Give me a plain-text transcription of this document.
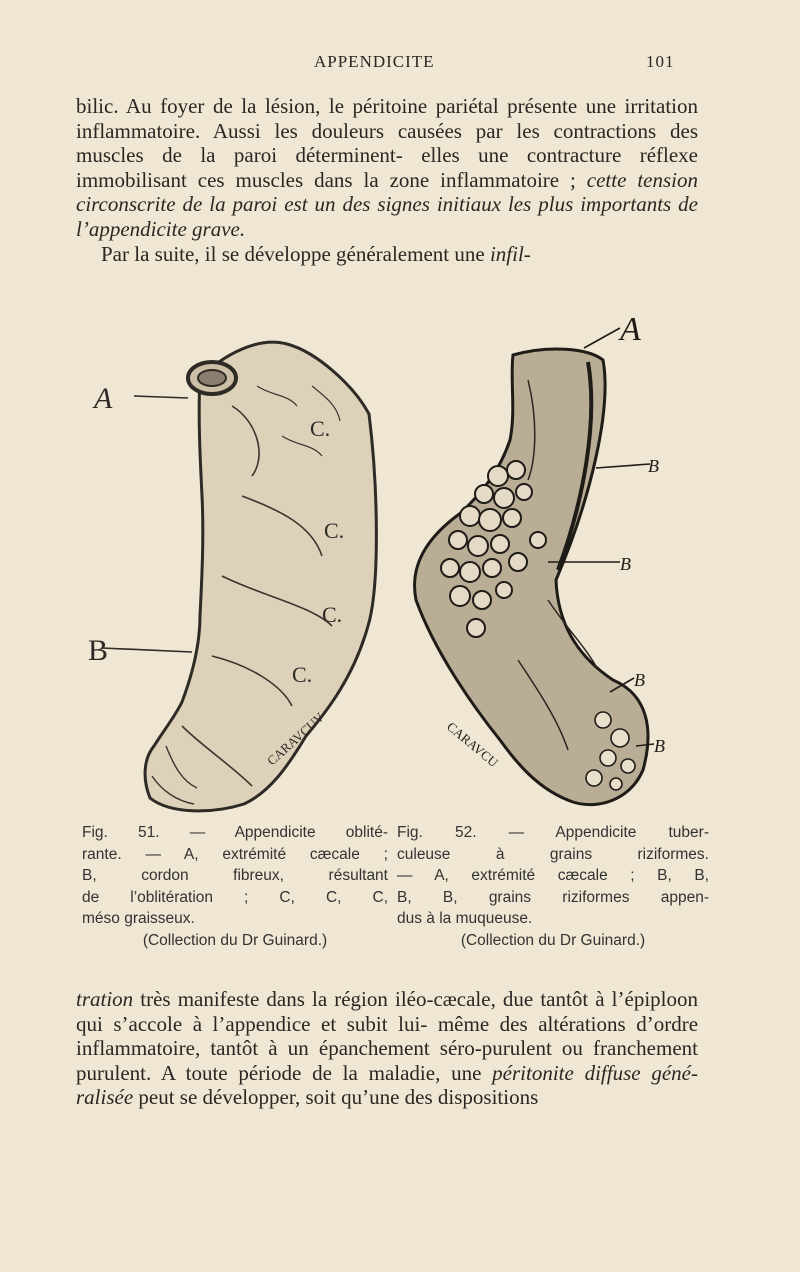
APPENDICITE	101

bilic. Au foyer de la lésion, le péritoine pariétal présente une irritation inflammatoire. Aussi les douleurs causées par les contractions des muscles de la paroi déterminent- elles une contracture réflexe immobilisant ces muscles dans la zone inflammatoire ; cette tension circonscrite de la paroi est un des signes initiaux les plus importants de l’appendicite grave.

Par la suite, il se développe généralement une infil-

A
B
C.
C.
C.
C.
CARAVCUV
A
B
B
B
B
CARAVCU
Fig. 51. — Appendicite oblité-
rante. — A, extrémité cæcale ;
B, cordon fibreux, résultant
de l’oblitération ; C, C, C,
méso graisseux.
(Collection du Dr Guinard.)
Fig. 52. — Appendicite tuber-
culeuse à grains riziformes.
— A, extrémité cæcale ; B, B,
B, B, grains riziformes appen-
dus à la muqueuse.
(Collection du Dr Guinard.)

tration très manifeste dans la région iléo-cæcale, due tantôt à l’épiploon qui s’accole à l’appendice et subit lui- même des altérations d’ordre inflammatoire, tantôt à un épanchement séro-purulent ou franchement purulent. A toute période de la maladie, une péritonite diffuse géné- ralisée peut se développer, soit qu’une des dispositions
